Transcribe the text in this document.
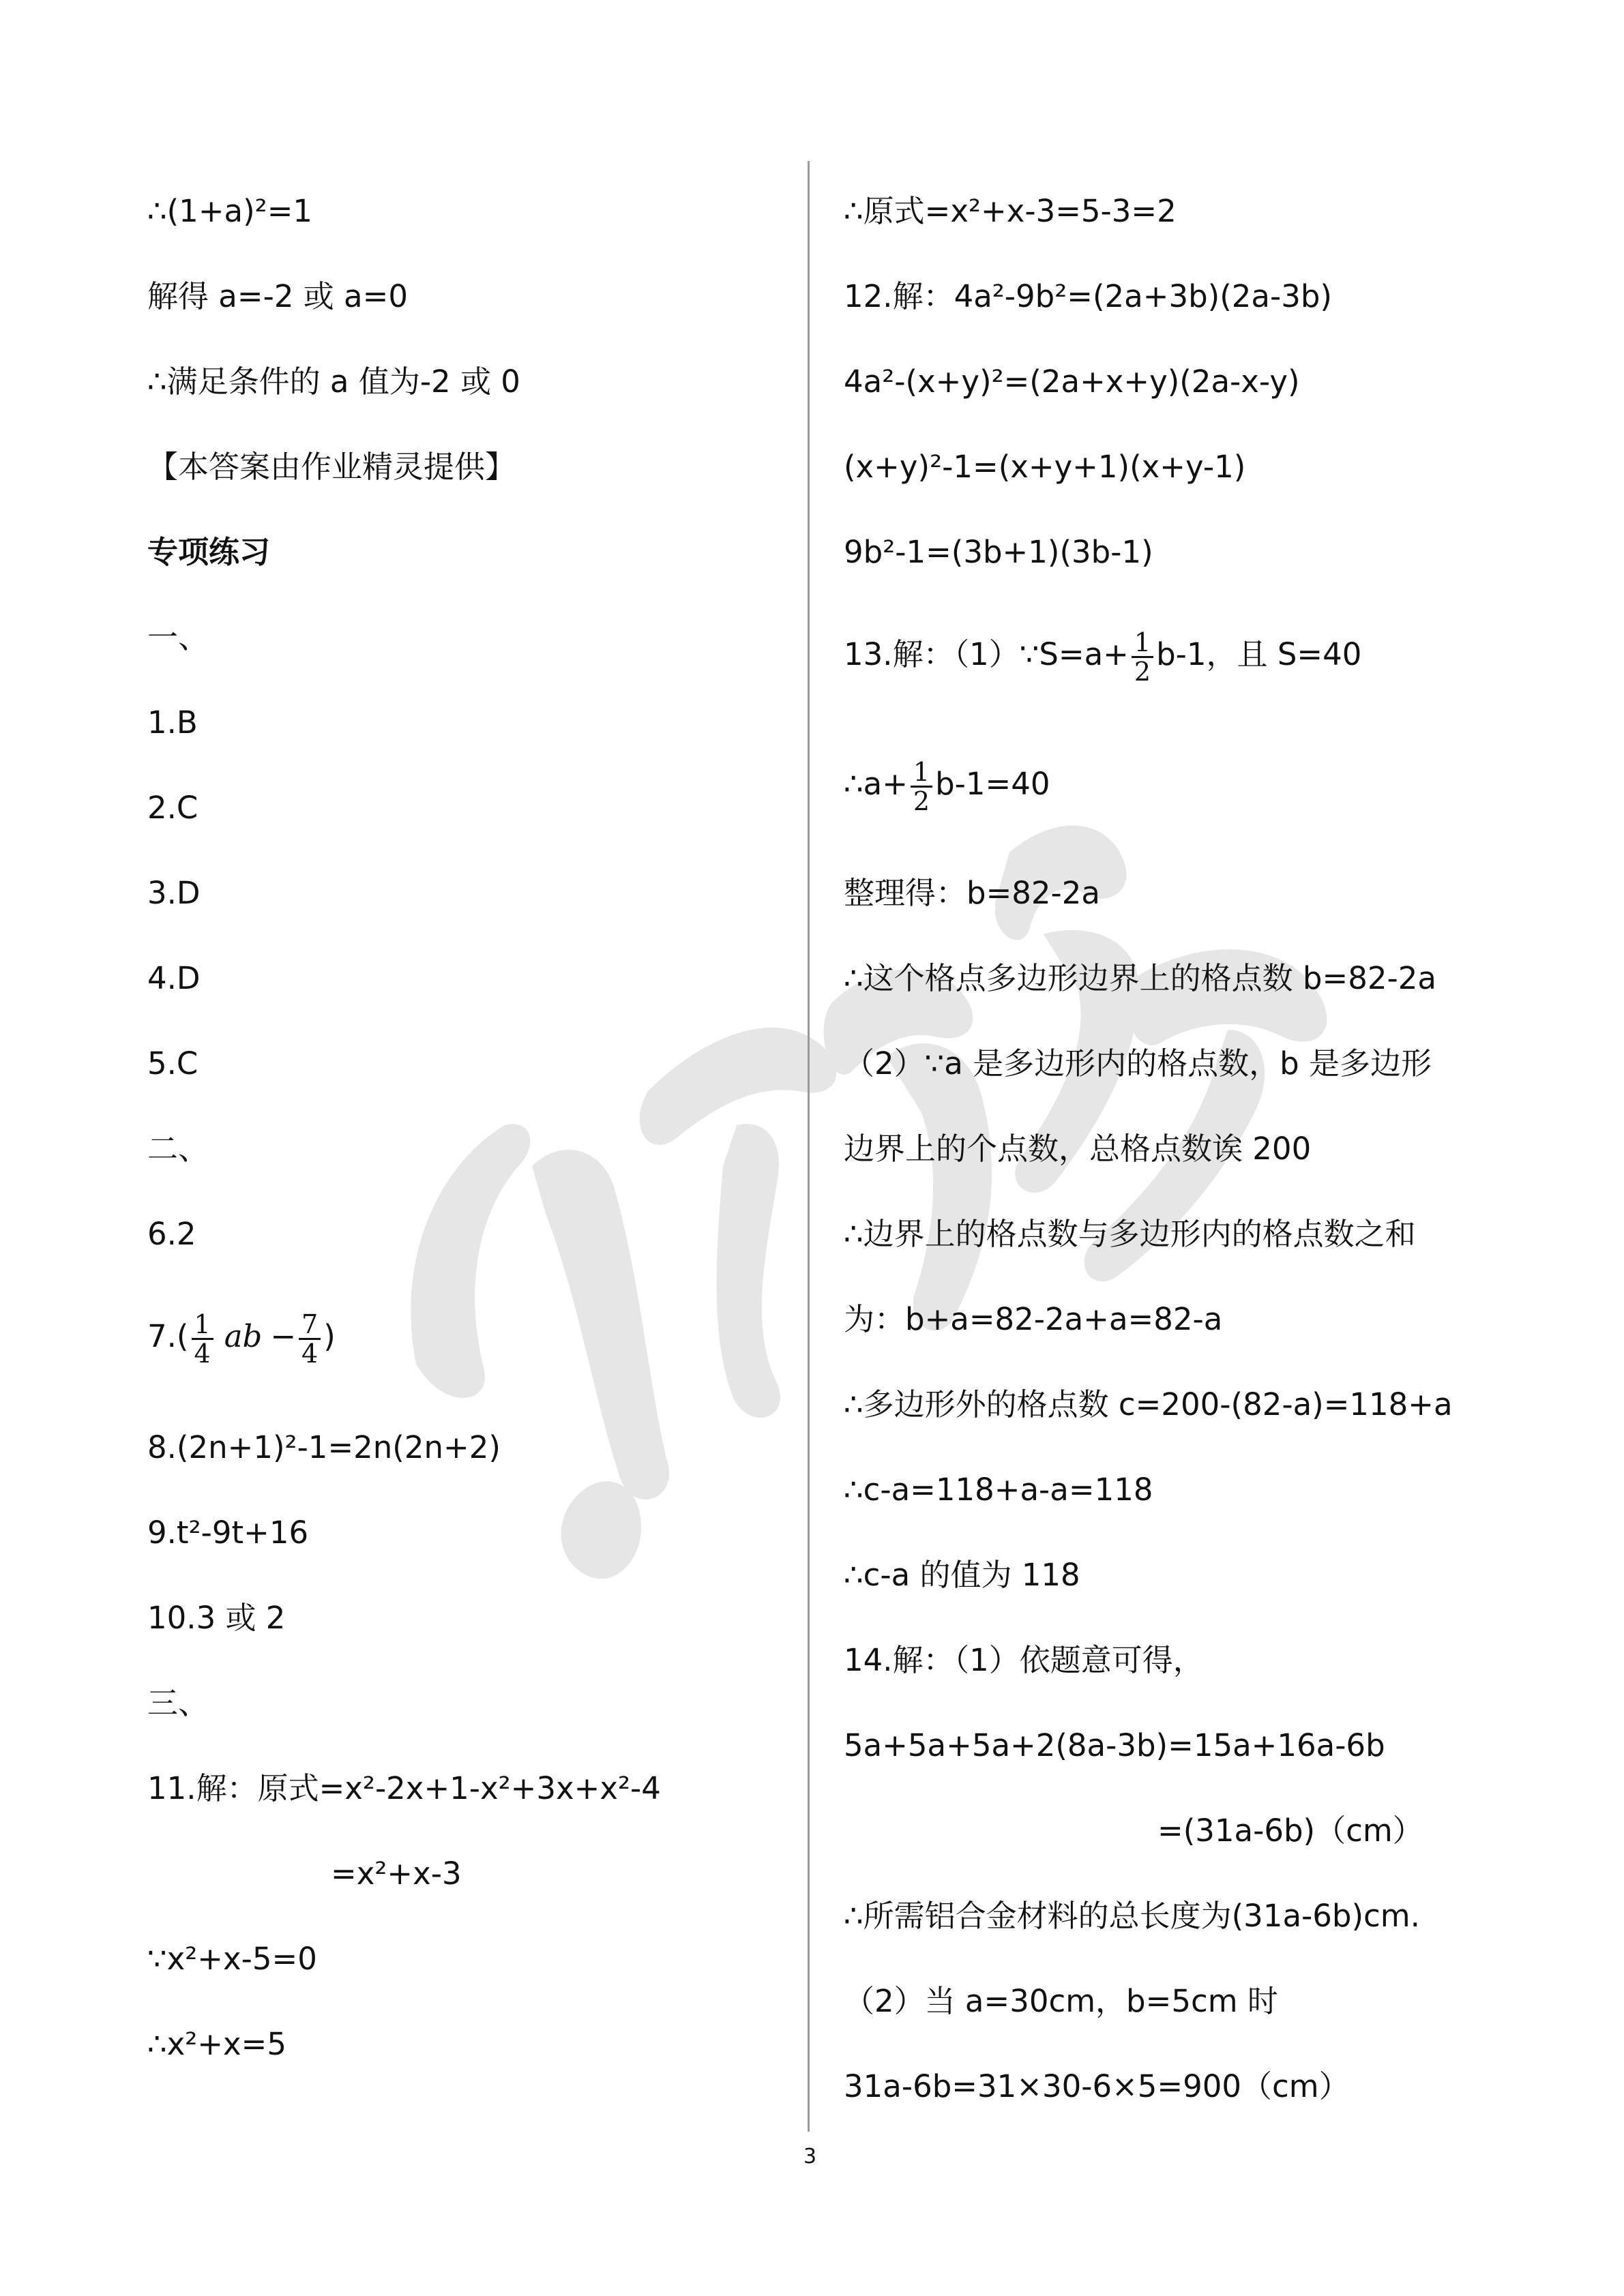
∴(1+a)²=1
解得 a=-2 或 a=0
∴满足条件的 a 值为-2 或 0
【本答案由作业精灵提供】
专项练习
一、
1.B
2.C
3.D
4.D
5.C
二、
6.2
$7.( \frac{1}{4}$ ab − $\frac{7}{4}$ )
8.(2n+1)²-1=2n(2n+2)
9.t²-9t+16
10.3 或 2
三、
11.解：原式=x²-2x+1-x²+3x+x²-4
=x²+x-3
∵x²+x-5=0
∴x²+x=5
∴原式=x²+x-3=5-3=2
12.解：4a²-9b²=(2a+3b)(2a-3b)
4a²-(x+y)²=(2a+x+y)(2a-x-y)
(x+y)²-1=(x+y+1)(x+y-1)
9b²-1=(3b+1)(3b-1)
13.解：（1）∵S=a+ $\frac{1}{2} b-1$，且 S=40
∴a+ $\frac{1}{2} b-1=40$
整理得：b=82-2a
∴这个格点多边形边界上的格点数 b=82-2a
（2）∵a 是多边形内的格点数，b 是多边形
边界上的个点数，总格点数诶 200
∴边界上的格点数与多边形内的格点数之和
为：b+a=82-2a+a=82-a
∴多边形外的格点数 c=200-(82-a)=118+a
∴c-a=118+a-a=118
∴c-a 的值为 118
14.解：（1）依题意可得，
5a+5a+5a+2(8a-3b)=15a+16a-6b
=(31a-6b)（cm）
∴所需铝合金材料的总长度为(31a-6b)cm.
（2）当 a=30cm，b=5cm 时
31a-6b=31×30-6×5=900（cm）
3
